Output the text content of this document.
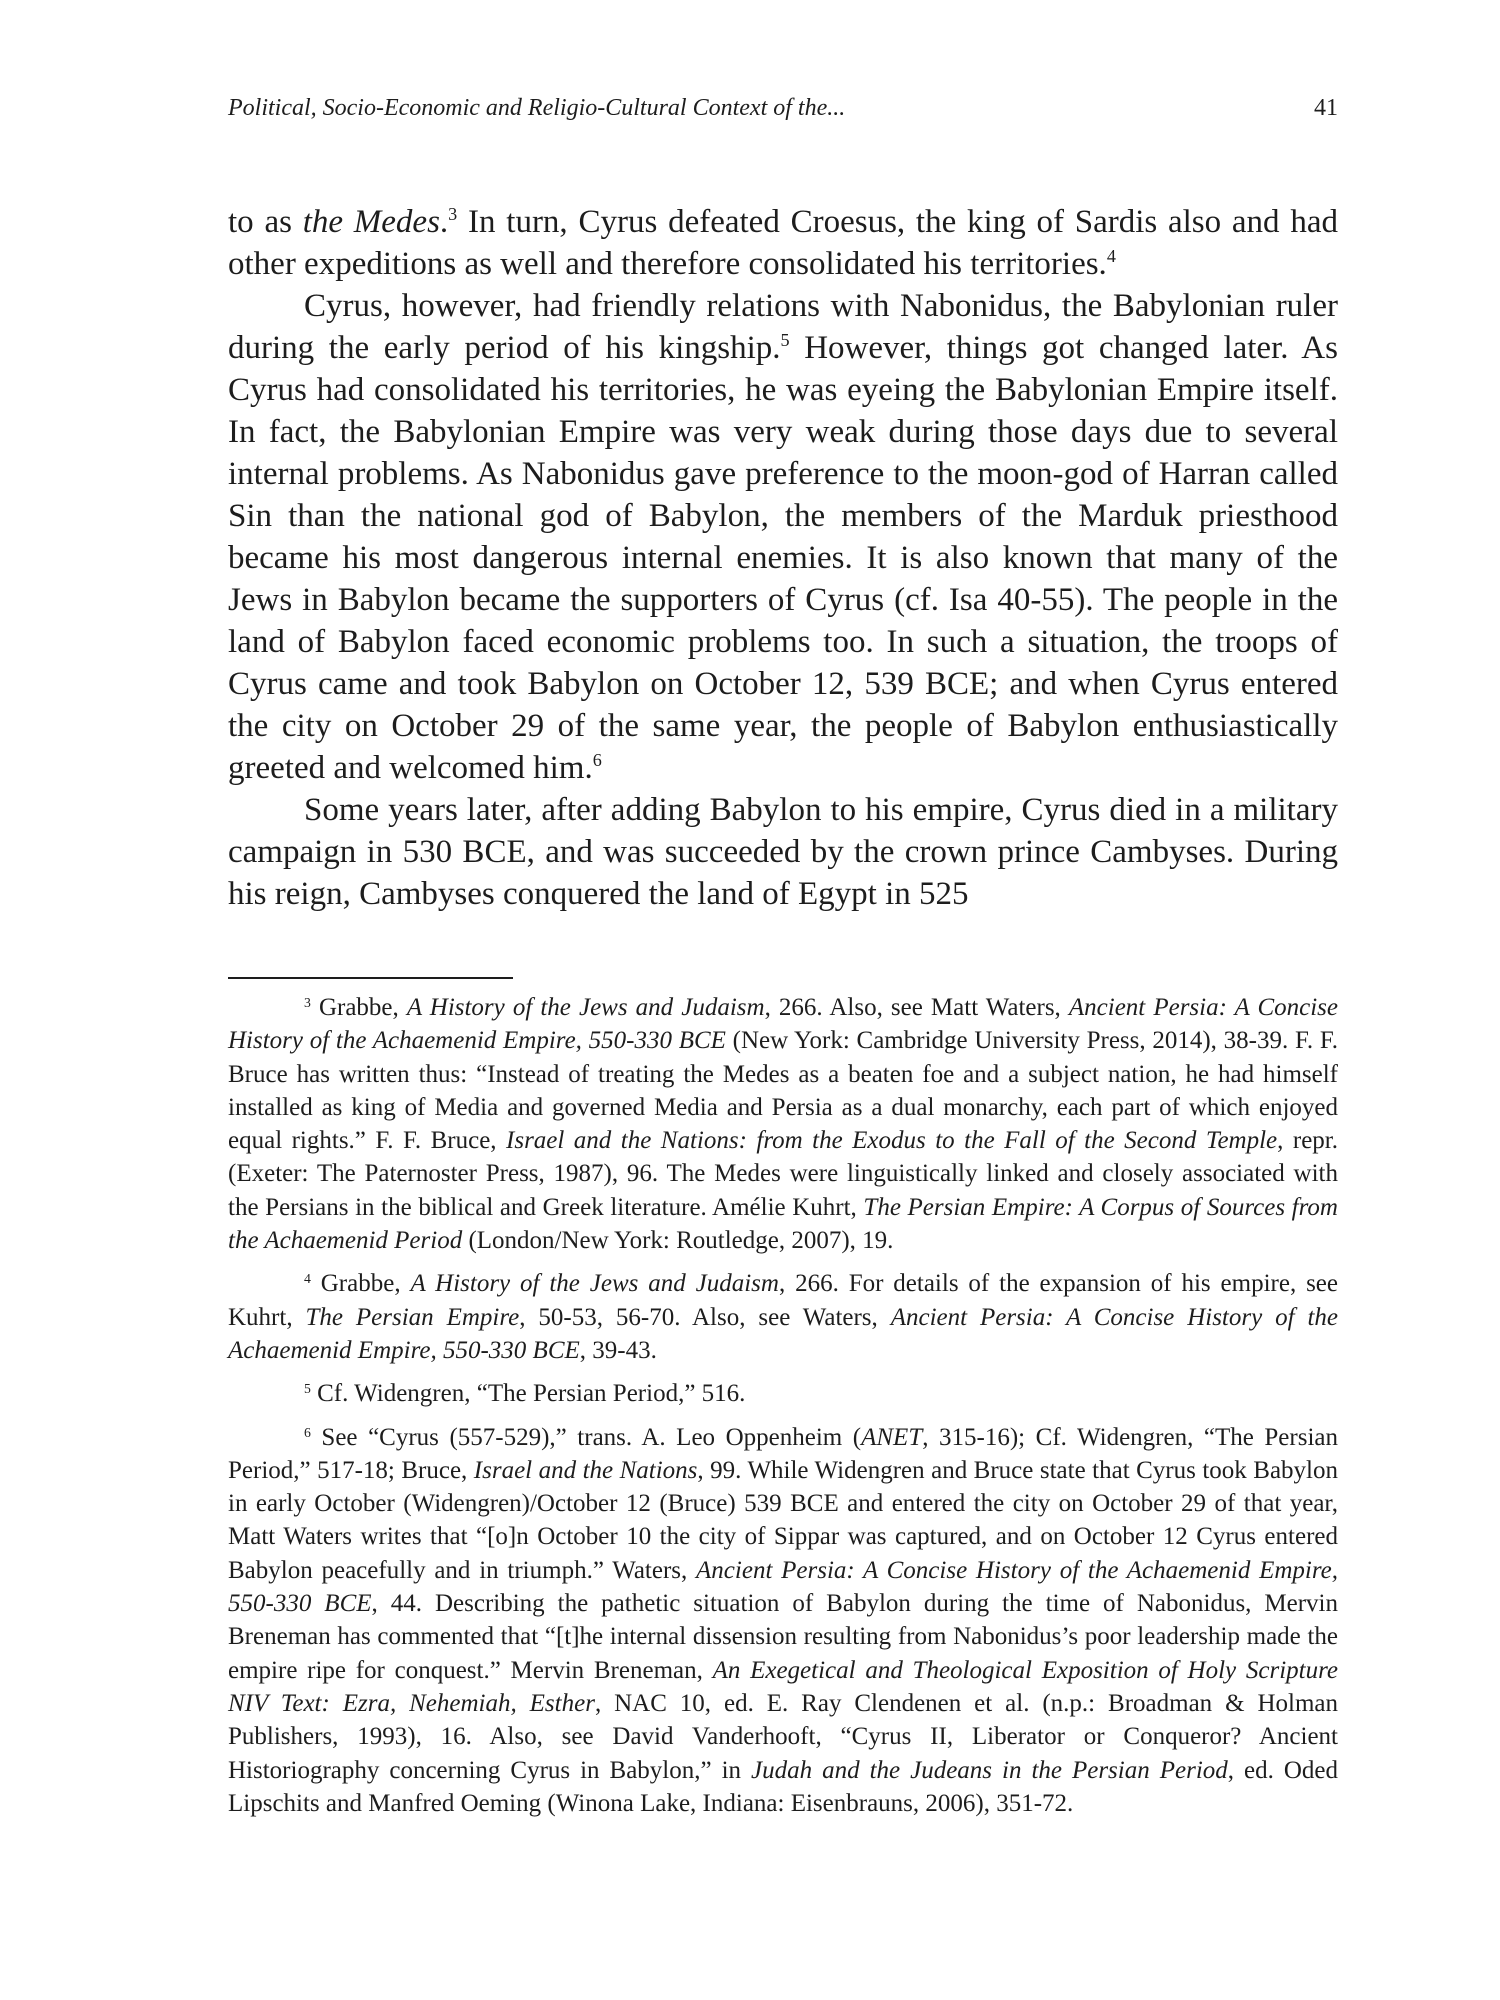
Political, Socio-Economic and Religio-Cultural Context of the...	41

to as the Medes.$^3$ In turn, Cyrus defeated Croesus, the king of Sardis also and had other expeditions as well and therefore consolidated his territories.$^4$

Cyrus, however, had friendly relations with Nabonidus, the Babylonian ruler during the early period of his kingship.$^5$ However, things got changed later. As Cyrus had consolidated his territories, he was eyeing the Babylonian Empire itself. In fact, the Babylonian Empire was very weak during those days due to several internal problems. As Nabonidus gave preference to the moon-god of Harran called Sin than the national god of Babylon, the members of the Marduk priesthood became his most dangerous internal enemies. It is also known that many of the Jews in Babylon became the supporters of Cyrus (cf. Isa 40-55). The people in the land of Babylon faced economic problems too. In such a situation, the troops of Cyrus came and took Babylon on October 12, 539 BCE; and when Cyrus entered the city on October 29 of the same year, the people of Babylon enthusiastically greeted and welcomed him.$^6$

Some years later, after adding Babylon to his empire, Cyrus died in a military campaign in 530 BCE, and was succeeded by the crown prince Cambyses. During his reign, Cambyses conquered the land of Egypt in 525

$^3$ Grabbe, A History of the Jews and Judaism, 266. Also, see Matt Waters, Ancient Persia: A Concise History of the Achaemenid Empire, 550-330 BCE (New York: Cambridge University Press, 2014), 38-39. F. F. Bruce has written thus: “Instead of treating the Medes as a beaten foe and a subject nation, he had himself installed as king of Media and governed Media and Persia as a dual monarchy, each part of which enjoyed equal rights.” F. F. Bruce, Israel and the Nations: from the Exodus to the Fall of the Second Temple, repr. (Exeter: The Paternoster Press, 1987), 96. The Medes were linguistically linked and closely associated with the Persians in the biblical and Greek literature. Amélie Kuhrt, The Persian Empire: A Corpus of Sources from the Achaemenid Period (London/New York: Routledge, 2007), 19.

$^4$ Grabbe, A History of the Jews and Judaism, 266. For details of the expansion of his empire, see Kuhrt, The Persian Empire, 50-53, 56-70. Also, see Waters, Ancient Persia: A Concise History of the Achaemenid Empire, 550-330 BCE, 39-43.

$^5$ Cf. Widengren, “The Persian Period,” 516.

$^6$ See “Cyrus (557-529),” trans. A. Leo Oppenheim (ANET, 315-16); Cf. Widengren, “The Persian Period,” 517-18; Bruce, Israel and the Nations, 99. While Widengren and Bruce state that Cyrus took Babylon in early October (Widengren)/October 12 (Bruce) 539 BCE and entered the city on October 29 of that year, Matt Waters writes that “[o]n October 10 the city of Sippar was captured, and on October 12 Cyrus entered Babylon peacefully and in triumph.” Waters, Ancient Persia: A Concise History of the Achaemenid Empire, 550-330 BCE, 44. Describing the pathetic situation of Babylon during the time of Nabonidus, Mervin Breneman has commented that “[t]he internal dissension resulting from Nabonidus’s poor leadership made the empire ripe for conquest.” Mervin Breneman, An Exegetical and Theological Exposition of Holy Scripture NIV Text: Ezra, Nehemiah, Esther, NAC 10, ed. E. Ray Clendenen et al. (n.p.: Broadman & Holman Publishers, 1993), 16. Also, see David Vanderhooft, “Cyrus II, Liberator or Conqueror? Ancient Historiography concerning Cyrus in Babylon,” in Judah and the Judeans in the Persian Period, ed. Oded Lipschits and Manfred Oeming (Winona Lake, Indiana: Eisenbrauns, 2006), 351-72.
